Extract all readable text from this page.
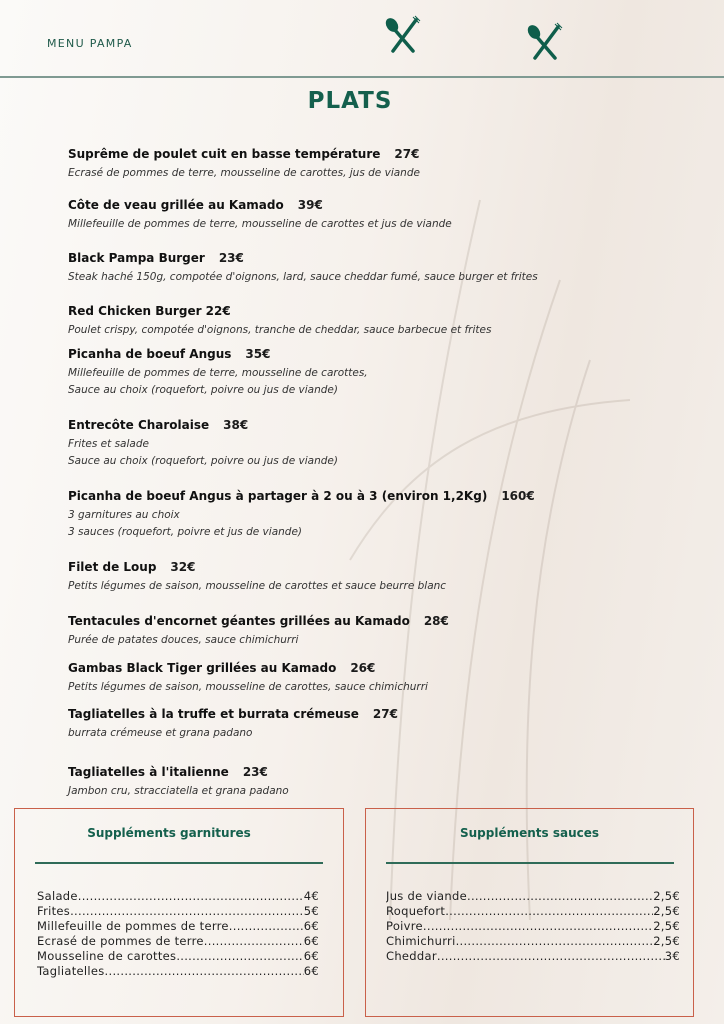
MENU PAMPA
PLATS
Suprême de poulet cuit en basse température 27€
Ecrasé de pommes de terre, mousseline de carottes, jus de viande
Côte de veau grillée au Kamado 39€
Millefeuille de pommes de terre, mousseline de carottes et jus de viande
Black Pampa Burger 23€
Steak haché 150g, compotée d'oignons, lard, sauce cheddar fumé, sauce burger et frites
Red Chicken Burger 22€
Poulet crispy, compotée d'oignons, tranche de cheddar, sauce barbecue et frites
Picanha de boeuf Angus 35€
Millefeuille de pommes de terre, mousseline de carottes,
Sauce au choix (roquefort, poivre ou jus de viande)
Entrecôte Charolaise 38€
Frites et salade
Sauce au choix (roquefort, poivre ou jus de viande)
Picanha de boeuf Angus à partager à 2 ou à 3 (environ 1,2Kg) 160€
3 garnitures au choix
3 sauces (roquefort, poivre et jus de viande)
Filet de Loup 32€
Petits légumes de saison, mousseline de carottes et sauce beurre blanc
Tentacules d'encornet géantes grillées au Kamado 28€
Purée de patates douces, sauce chimichurri
Gambas Black Tiger grillées au Kamado 26€
Petits légumes de saison, mousseline de carottes, sauce chimichurri
Tagliatelles à la truffe et burrata crémeuse 27€
burrata crémeuse et grana padano
Tagliatelles à l'italienne 23€
Jambon cru, stracciatella et grana padano
Suppléments garnitures
Salade .....	4€
Frites .....	5€
Millefeuille de pommes de terre .....	6€
Ecrasé de pommes de terre .....	6€
Mousseline de carottes .....	6€
Tagliatelles .....	6€
Suppléments sauces
Jus de viande .....	2,5€
Roquefort .....	2,5€
Poivre .....	2,5€
Chimichurri .....	2,5€
Cheddar .....	3€
